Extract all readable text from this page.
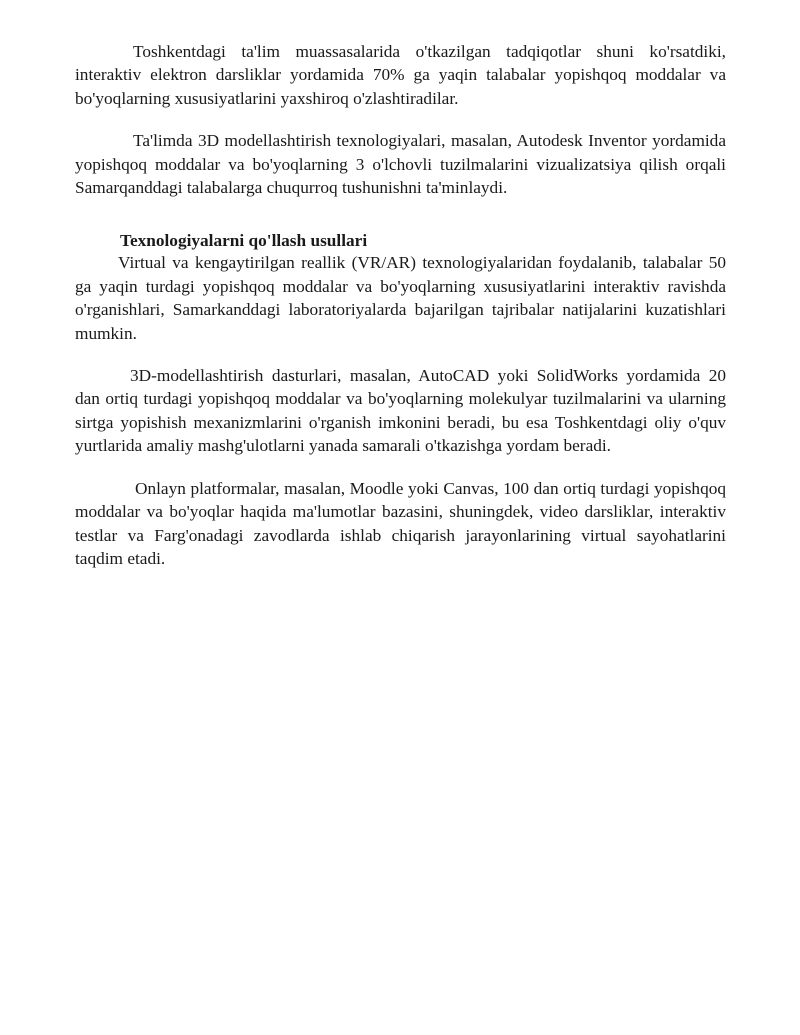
Toshkentdagi ta'lim muassasalarida o'tkazilgan tadqiqotlar shuni ko'rsatdiki, interaktiv elektron darsliklar yordamida 70% ga yaqin talabalar yopishqoq moddalar va bo'yoqlarning xususiyatlarini yaxshiroq o'zlashtiradilar.

Ta'limda 3D modellashtirish texnologiyalari, masalan, Autodesk Inventor yordamida yopishqoq moddalar va bo'yoqlarning 3 o'lchovli tuzilmalarini vizualizatsiya qilish orqali Samarqanddagi talabalarga chuqurroq tushunishni ta'minlaydi.

Texnologiyalarni qo'llash usullari

Virtual va kengaytirilgan reallik (VR/AR) texnologiyalaridan foydalanib, talabalar 50 ga yaqin turdagi yopishqoq moddalar va bo'yoqlarning xususiyatlarini interaktiv ravishda o'rganishlari, Samarkanddagi laboratoriyalarda bajarilgan tajribalar natijalarini kuzatishlari mumkin.

3D-modellashtirish dasturlari, masalan, AutoCAD yoki SolidWorks yordamida 20 dan ortiq turdagi yopishqoq moddalar va bo'yoqlarning molekulyar tuzilmalarini va ularning sirtga yopishish mexanizmlarini o'rganish imkonini beradi, bu esa Toshkentdagi oliy o'quv yurtlarida amaliy mashg'ulotlarni yanada samarali o'tkazishga yordam beradi.

Onlayn platformalar, masalan, Moodle yoki Canvas, 100 dan ortiq turdagi yopishqoq moddalar va bo'yoqlar haqida ma'lumotlar bazasini, shuningdek, video darsliklar, interaktiv testlar va Farg'onadagi zavodlarda ishlab chiqarish jarayonlarining virtual sayohatlarini taqdim etadi.
